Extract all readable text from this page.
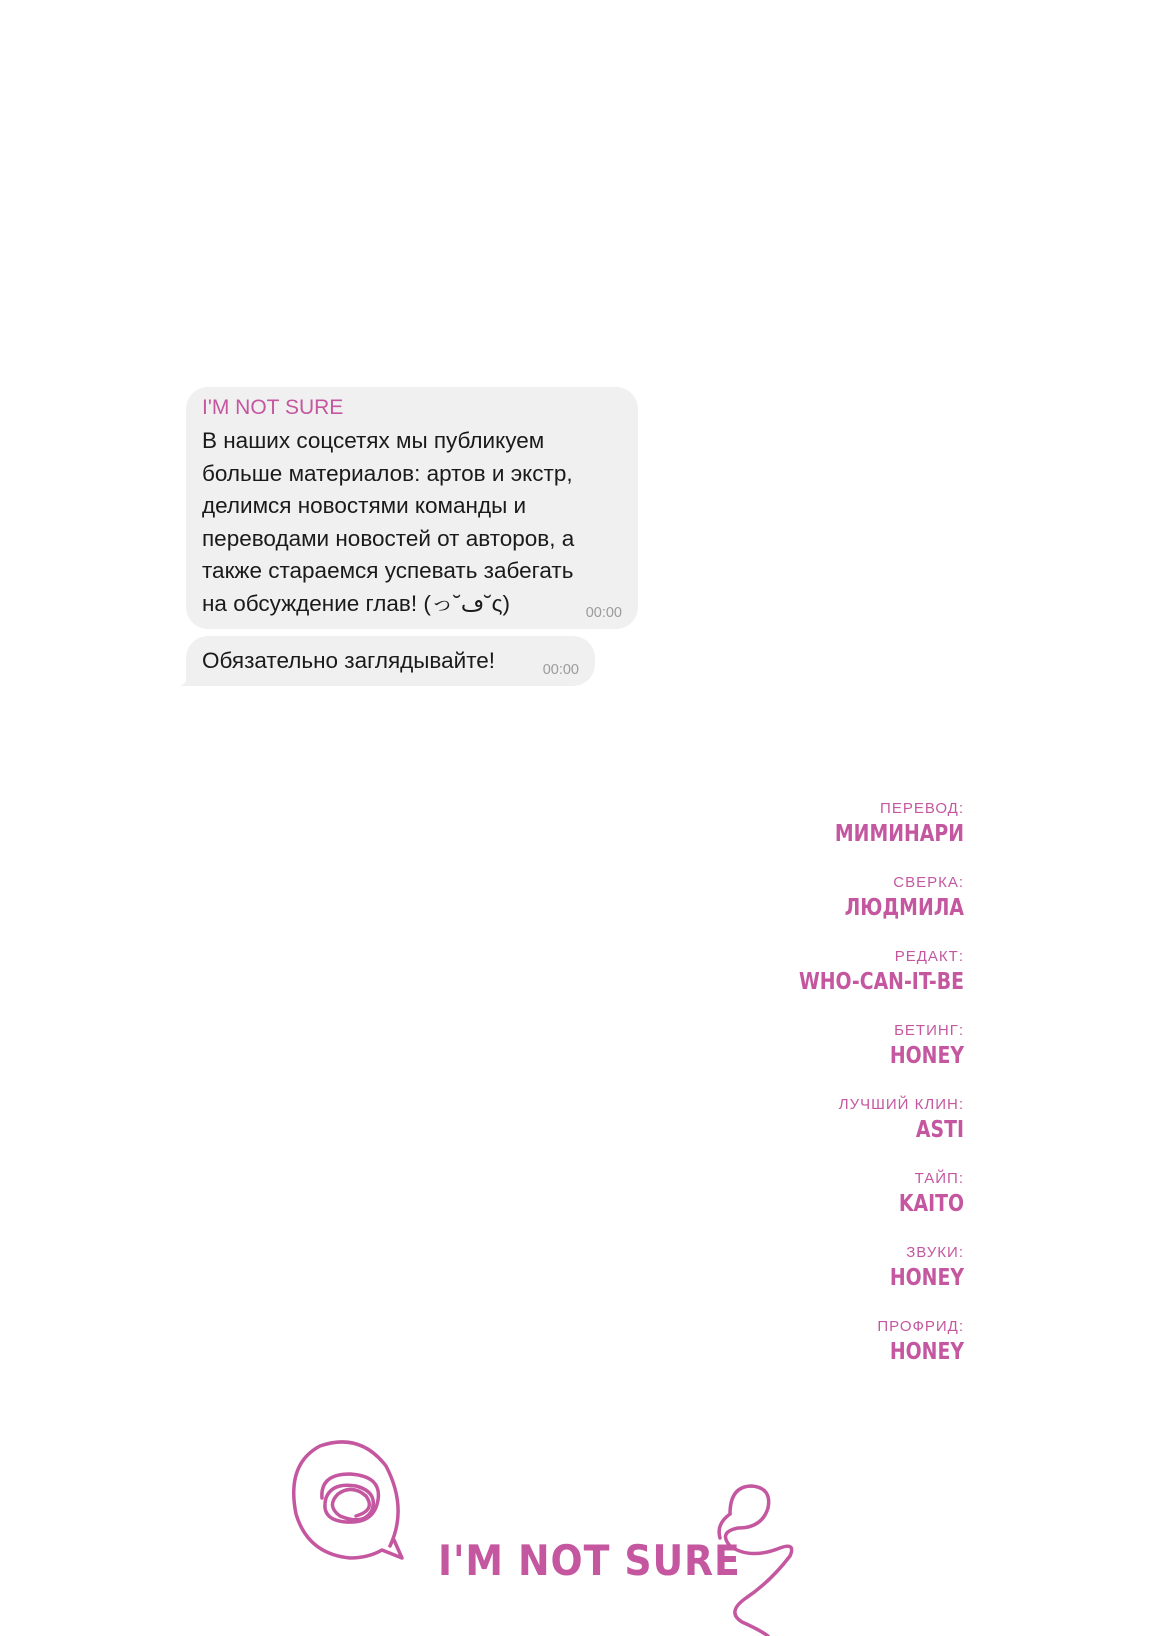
I'M NOT SURE
В наших соцсетях мы публикуем
больше материалов: артов и экстр,
делимся новостями команды и
переводами новостей от авторов, а
также стараемся успевать забегать
на обсуждение глав! (っ˘ڡ˘ς)	00:00
Обязательно заглядывайте!	00:00
ПЕРЕВОД:
МИМИНАРИ
СВЕРКА:
ЛЮДМИЛА
РЕДАКТ:
WHO-CAN-IT-BE
БЕТИНГ:
HONEY
ЛУЧШИЙ КЛИН:
ASTI
ТАЙП:
KAITO
ЗВУКИ:
HONEY
ПРОФРИД:
HONEY
I'M NOT SURE
